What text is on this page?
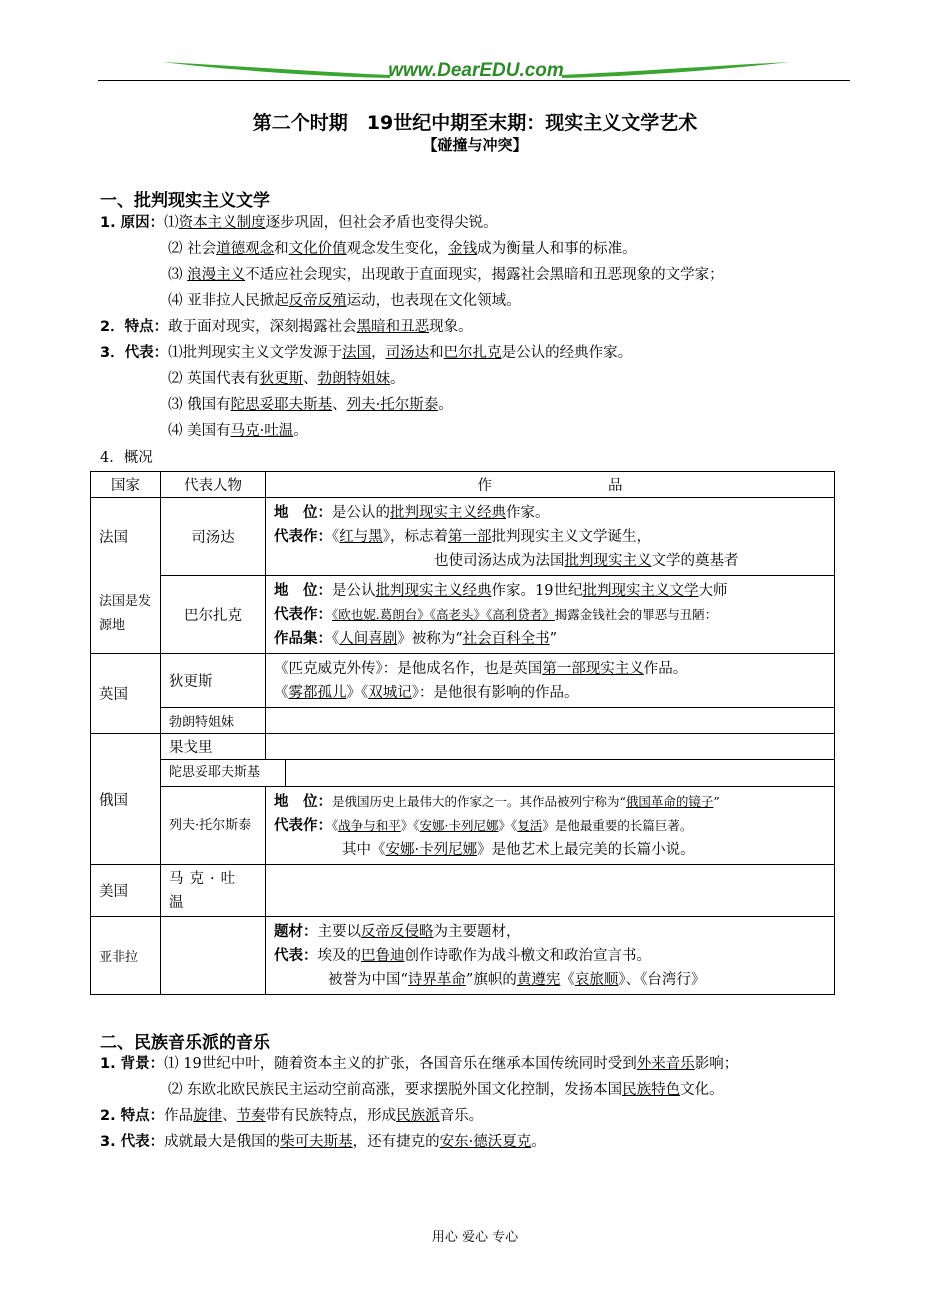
www.DearEDU.com
第二个时期　19世纪中期至末期：现实主义文学艺术
【碰撞与冲突】
一、批判现实主义文学
1. 原因：⑴资本主义制度逐步巩固，但社会矛盾也变得尖锐。
⑵ 社会道德观念和文化价值观念发生变化，金钱成为衡量人和事的标准。
⑶ 浪漫主义不适应社会现实，出现敢于直面现实，揭露社会黑暗和丑恶现象的文学家；
⑷ 亚非拉人民掀起反帝反殖运动，也表现在文化领域。
2．特点：敢于面对现实，深刻揭露社会黑暗和丑恶现象。
3．代表：⑴批判现实主义文学发源于法国，司汤达和巴尔扎克是公认的经典作家。
⑵ 英国代表有狄更斯、勃朗特姐妹。
⑶ 俄国有陀思妥耶夫斯基、列夫·托尔斯泰。
⑷ 美国有马克·吐温。
4．概况
国家	代表人物	作　　　　　　　　品
法国	司汤达	地　位：是公认的批判现实主义经典作家。
代表作：《红与黑》，标志着第一部批判现实主义文学诞生，
也使司汤达成为法国批判现实主义文学的奠基者

法国是发源地	巴尔扎克	地　位：是公认批判现实主义经典作家。19世纪批判现实主义文学大师
代表作：《欧也妮.葛朗台》《高老头》《高利贷者》揭露金钱社会的罪恶与丑陋：
作品集：《人间喜剧》被称为“社会百科全书”

英国	狄更斯	《匹克威克外传》：是他成名作，也是英国第一部现实主义作品。
《雾都孤儿》《双城记》：是他很有影响的作品。

	勃朗特姐妹	
俄国	果戈里	

	陀思妥耶夫斯基	

	列夫·托尔斯泰	地　位：是俄国历史上最伟大的作家之一。其作品被列宁称为“俄国革命的镜子”
代表作：《战争与和平》《安娜·卡列尼娜》《复活》是他最重要的长篇巨著。
其中《安娜·卡列尼娜》是他艺术上最完美的长篇小说。

美国	马克·吐温	
亚非拉		题材：主要以反帝反侵略为主要题材，
代表：埃及的巴鲁迪创作诗歌作为战斗檄文和政治宣言书。
被誉为中国“诗界革命”旗帜的黄遵宪《哀旅顺》、《台湾行》
二、民族音乐派的音乐
1. 背景：⑴ 19世纪中叶，随着资本主义的扩张，各国音乐在继承本国传统同时受到外来音乐影响；
⑵ 东欧北欧民族民主运动空前高涨，要求摆脱外国文化控制，发扬本国民族特色文化。
2. 特点：作品旋律、节奏带有民族特点，形成民族派音乐。
3. 代表：成就最大是俄国的柴可夫斯基，还有捷克的安东·德沃夏克。
用心 爱心 专心
